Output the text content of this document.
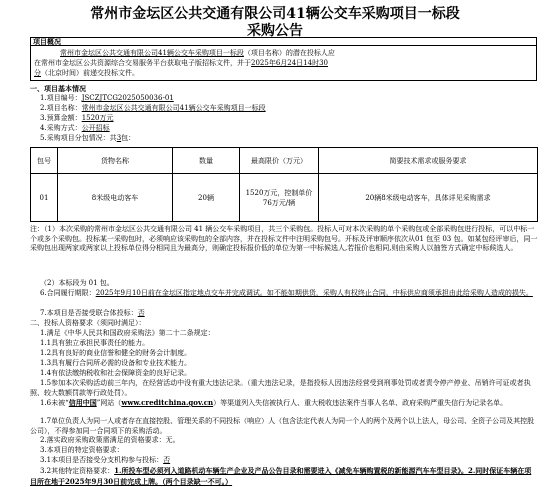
常州市金坛区公共交通有限公司41辆公交车采购项目一标段
采购公告
项目概况
常州市金坛区公共交通有限公司41辆公交车采购项目一标段（项目名称）的潜在投标人应
在常州市金坛区公共资源综合交易服务平台获取电子版招标文件，并于2025年6月24日14时30
分（北京时间）前递交投标文件。
一、项目基本情况
1.项目编号：JSCZJTCG2025050036-01
2.项目名称：常州市金坛区公共交通有限公司41辆公交车采购项目一标段
3.预算金额：1520万元
4.采购方式：公开招标
5.采购项目分包情况：共3包：
包号	货物名称	数量	最高限价（万元）	简要技术需求或服务要求
01	8米级电动客车	20辆	1520万元，控制单价76万元/辆	20辆8米级电动客车，具体详见采购需求
注：（1）本次采购的常州市金坛区公共交通有限公司 41 辆公交车采购项目，共三个采购包。投标人可对本次采购的单个采购包或全部采购包进行投标，可以中标一个或多个采购包。投标某一采购包时，必须响应该采购包的全部内容，并在投标文件中注明采购包号。开标及评审顺序依次从01 包至 03 包。如某包经评审后，同一采购包出现两家或两家以上投标单位得分相同且为最高分，则确定投标报价低的单位为第一中标候选人,若报价也相同,则由采购人以抽签方式确定中标候选人。
（2）本标段为 01 包。
6.合同履行期限：2025年9月10日前在金坛区指定地点交车并完成调试。如不能如期供货，采购人有权终止合同，中标供应商须承担由此给采购人造成的损失。
7.本项目是否接受联合体投标：否
二、投标人资格要求（须同时满足）：
1.满足《中华人民共和国政府采购法》第二十二条规定：
1.1具有独立承担民事责任的能力。
1.2具有良好的商业信誉和健全的财务会计制度。
1.3具有履行合同所必需的设备和专业技术能力。
1.4有依法缴纳税收和社会保障资金的良好记录。
1.5参加本次采购活动前三年内，在经营活动中没有重大违法记录。（重大违法记录，是指投标人因违法经营受到刑事处罚或者责令停产停业、吊销许可证或者执照、较大数额罚款等行政处罚）。
1.6未被“信用中国”网站（www.creditchina.gov.cn）等渠道列入失信被执行人、重大税收违法案件当事人名单、政府采购严重失信行为记录名单。
1.7单位负责人为同一人或者存在直接控股、管理关系的不同投标（响应）人（包含法定代表人为同一个人的两个及两个以上法人，母公司、全资子公司及其控股公司），不得参加同一合同项下的采购活动。
2.落实政府采购政策需满足的资格要求：无。
3.本项目的特定资格要求：
3.1本项目是否接受分支机构参与投标：否
3.2其他特定资格要求：1.所投车型必须列入道路机动车辆生产企业及产品公告目录和需要进入《减免车辆购置税的新能源汽车车型目录》。2.同时保证车辆在项目所在地于2025年9月30日前完成上牌。（两个目录缺一不可。）
